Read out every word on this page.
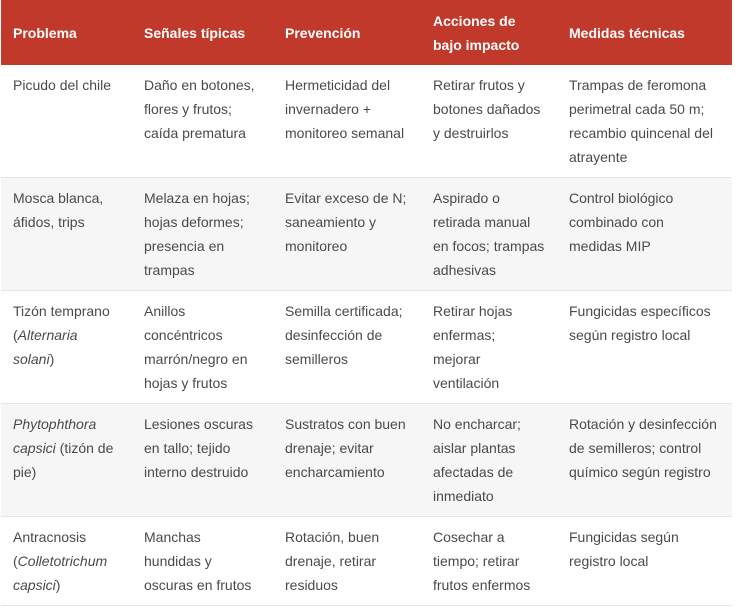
Problema	Señales típicas	Prevención	Acciones de bajo impacto	Medidas técnicas
Picudo del chile	Daño en botones, flores y frutos; caída prematura	Hermeticidad del invernadero + monitoreo semanal	Retirar frutos y botones dañados y destruirlos	Trampas de feromona perimetral cada 50 m; recambio quincenal del atrayente
Mosca blanca, áfidos, trips	Melaza en hojas; hojas deformes; presencia en trampas	Evitar exceso de N; saneamiento y monitoreo	Aspirado o retirada manual en focos; trampas adhesivas	Control biológico combinado con medidas MIP
Tizón temprano (Alternaria solani)	Anillos concéntricos marrón/negro en hojas y frutos	Semilla certificada; desinfección de semilleros	Retirar hojas enfermas; mejorar ventilación	Fungicidas específicos según registro local
Phytophthora capsici (tizón de pie)	Lesiones oscuras en tallo; tejido interno destruido	Sustratos con buen drenaje; evitar encharcamiento	No encharcar; aislar plantas afectadas de inmediato	Rotación y desinfección de semilleros; control químico según registro
Antracnosis (Colletotrichum capsici)	Manchas hundidas y oscuras en frutos	Rotación, buen drenaje, retirar residuos	Cosechar a tiempo; retirar frutos enfermos	Fungicidas según registro local
